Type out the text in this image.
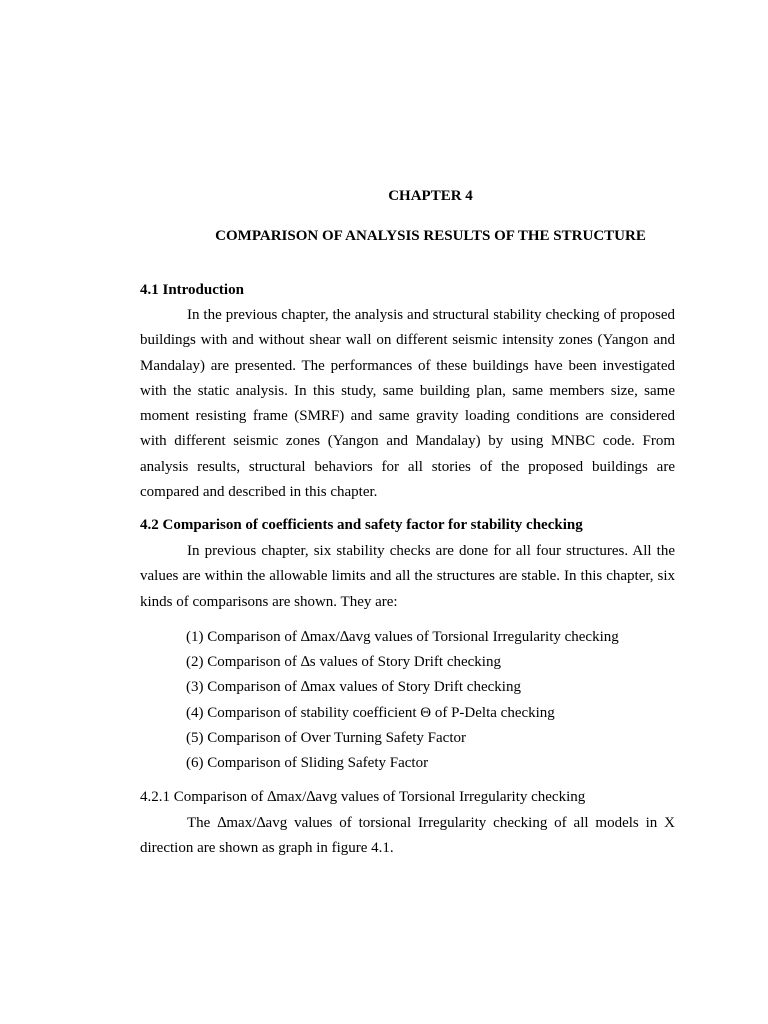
CHAPTER 4
COMPARISON OF ANALYSIS RESULTS OF THE STRUCTURE
4.1 Introduction

In the previous chapter, the analysis and structural stability checking of proposed buildings with and without shear wall on different seismic intensity zones (Yangon and Mandalay) are presented. The performances of these buildings have been investigated with the static analysis. In this study, same building plan, same members size, same moment resisting frame (SMRF) and same gravity loading conditions are considered with different seismic zones (Yangon and Mandalay) by using MNBC code. From analysis results, structural behaviors for all stories of the proposed buildings are compared and described in this chapter.

4.2 Comparison of coefficients and safety factor for stability checking

In previous chapter, six stability checks are done for all four structures. All the values are within the allowable limits and all the structures are stable. In this chapter, six kinds of comparisons are shown. They are:

(1) Comparison of ∆max/∆avg values of Torsional Irregularity checking
(2) Comparison of ∆s values of Story Drift checking
(3) Comparison of ∆max values of Story Drift checking
(4) Comparison of stability coefficient Θ of P-Delta checking
(5) Comparison of Over Turning Safety Factor
(6) Comparison of Sliding Safety Factor
4.2.1 Comparison of ∆max/∆avg values of Torsional Irregularity checking

The ∆max/∆avg values of torsional Irregularity checking of all models in X direction are shown as graph in figure 4.1.
